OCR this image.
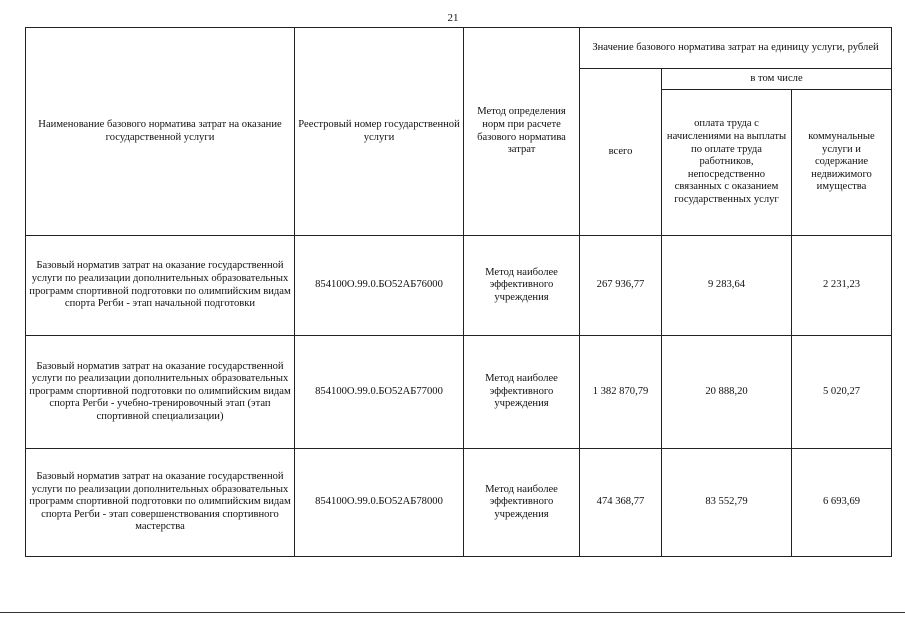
21
Наименование базового норматива затрат на оказание государственной услуги	Реестровый номер государственной услуги	Метод определения норм при расчете базового норматива затрат	Значение базового норматива затрат на единицу услуги, рублей		
			всего	в том числе	
				оплата труда с начислениями на выплаты по оплате труда работников, непосредственно связанных с оказанием государственных услуг	коммунальные услуги и содержание недвижимого имущества
Базовый норматив затрат на оказание государственной услуги по реализации дополнительных образовательных программ спортивной подготовки по олимпийским видам спорта Регби - этап начальной подготовки	854100О.99.0.БО52АБ76000	Метод наиболее эффективного учреждения	267 936,77	9 283,64	2 231,23
Базовый норматив затрат на оказание государственной услуги по реализации дополнительных образовательных программ спортивной подготовки по олимпийским видам спорта Регби - учебно-тренировочный этап (этап спортивной специализации)	854100О.99.0.БО52АБ77000	Метод наиболее эффективного учреждения	1 382 870,79	20 888,20	5 020,27
Базовый норматив затрат на оказание государственной услуги по реализации дополнительных образовательных программ спортивной подготовки по олимпийским видам спорта Регби - этап совершенствования спортивного мастерства	854100О.99.0.БО52АБ78000	Метод наиболее эффективного учреждения	474 368,77	83 552,79	6 693,69
